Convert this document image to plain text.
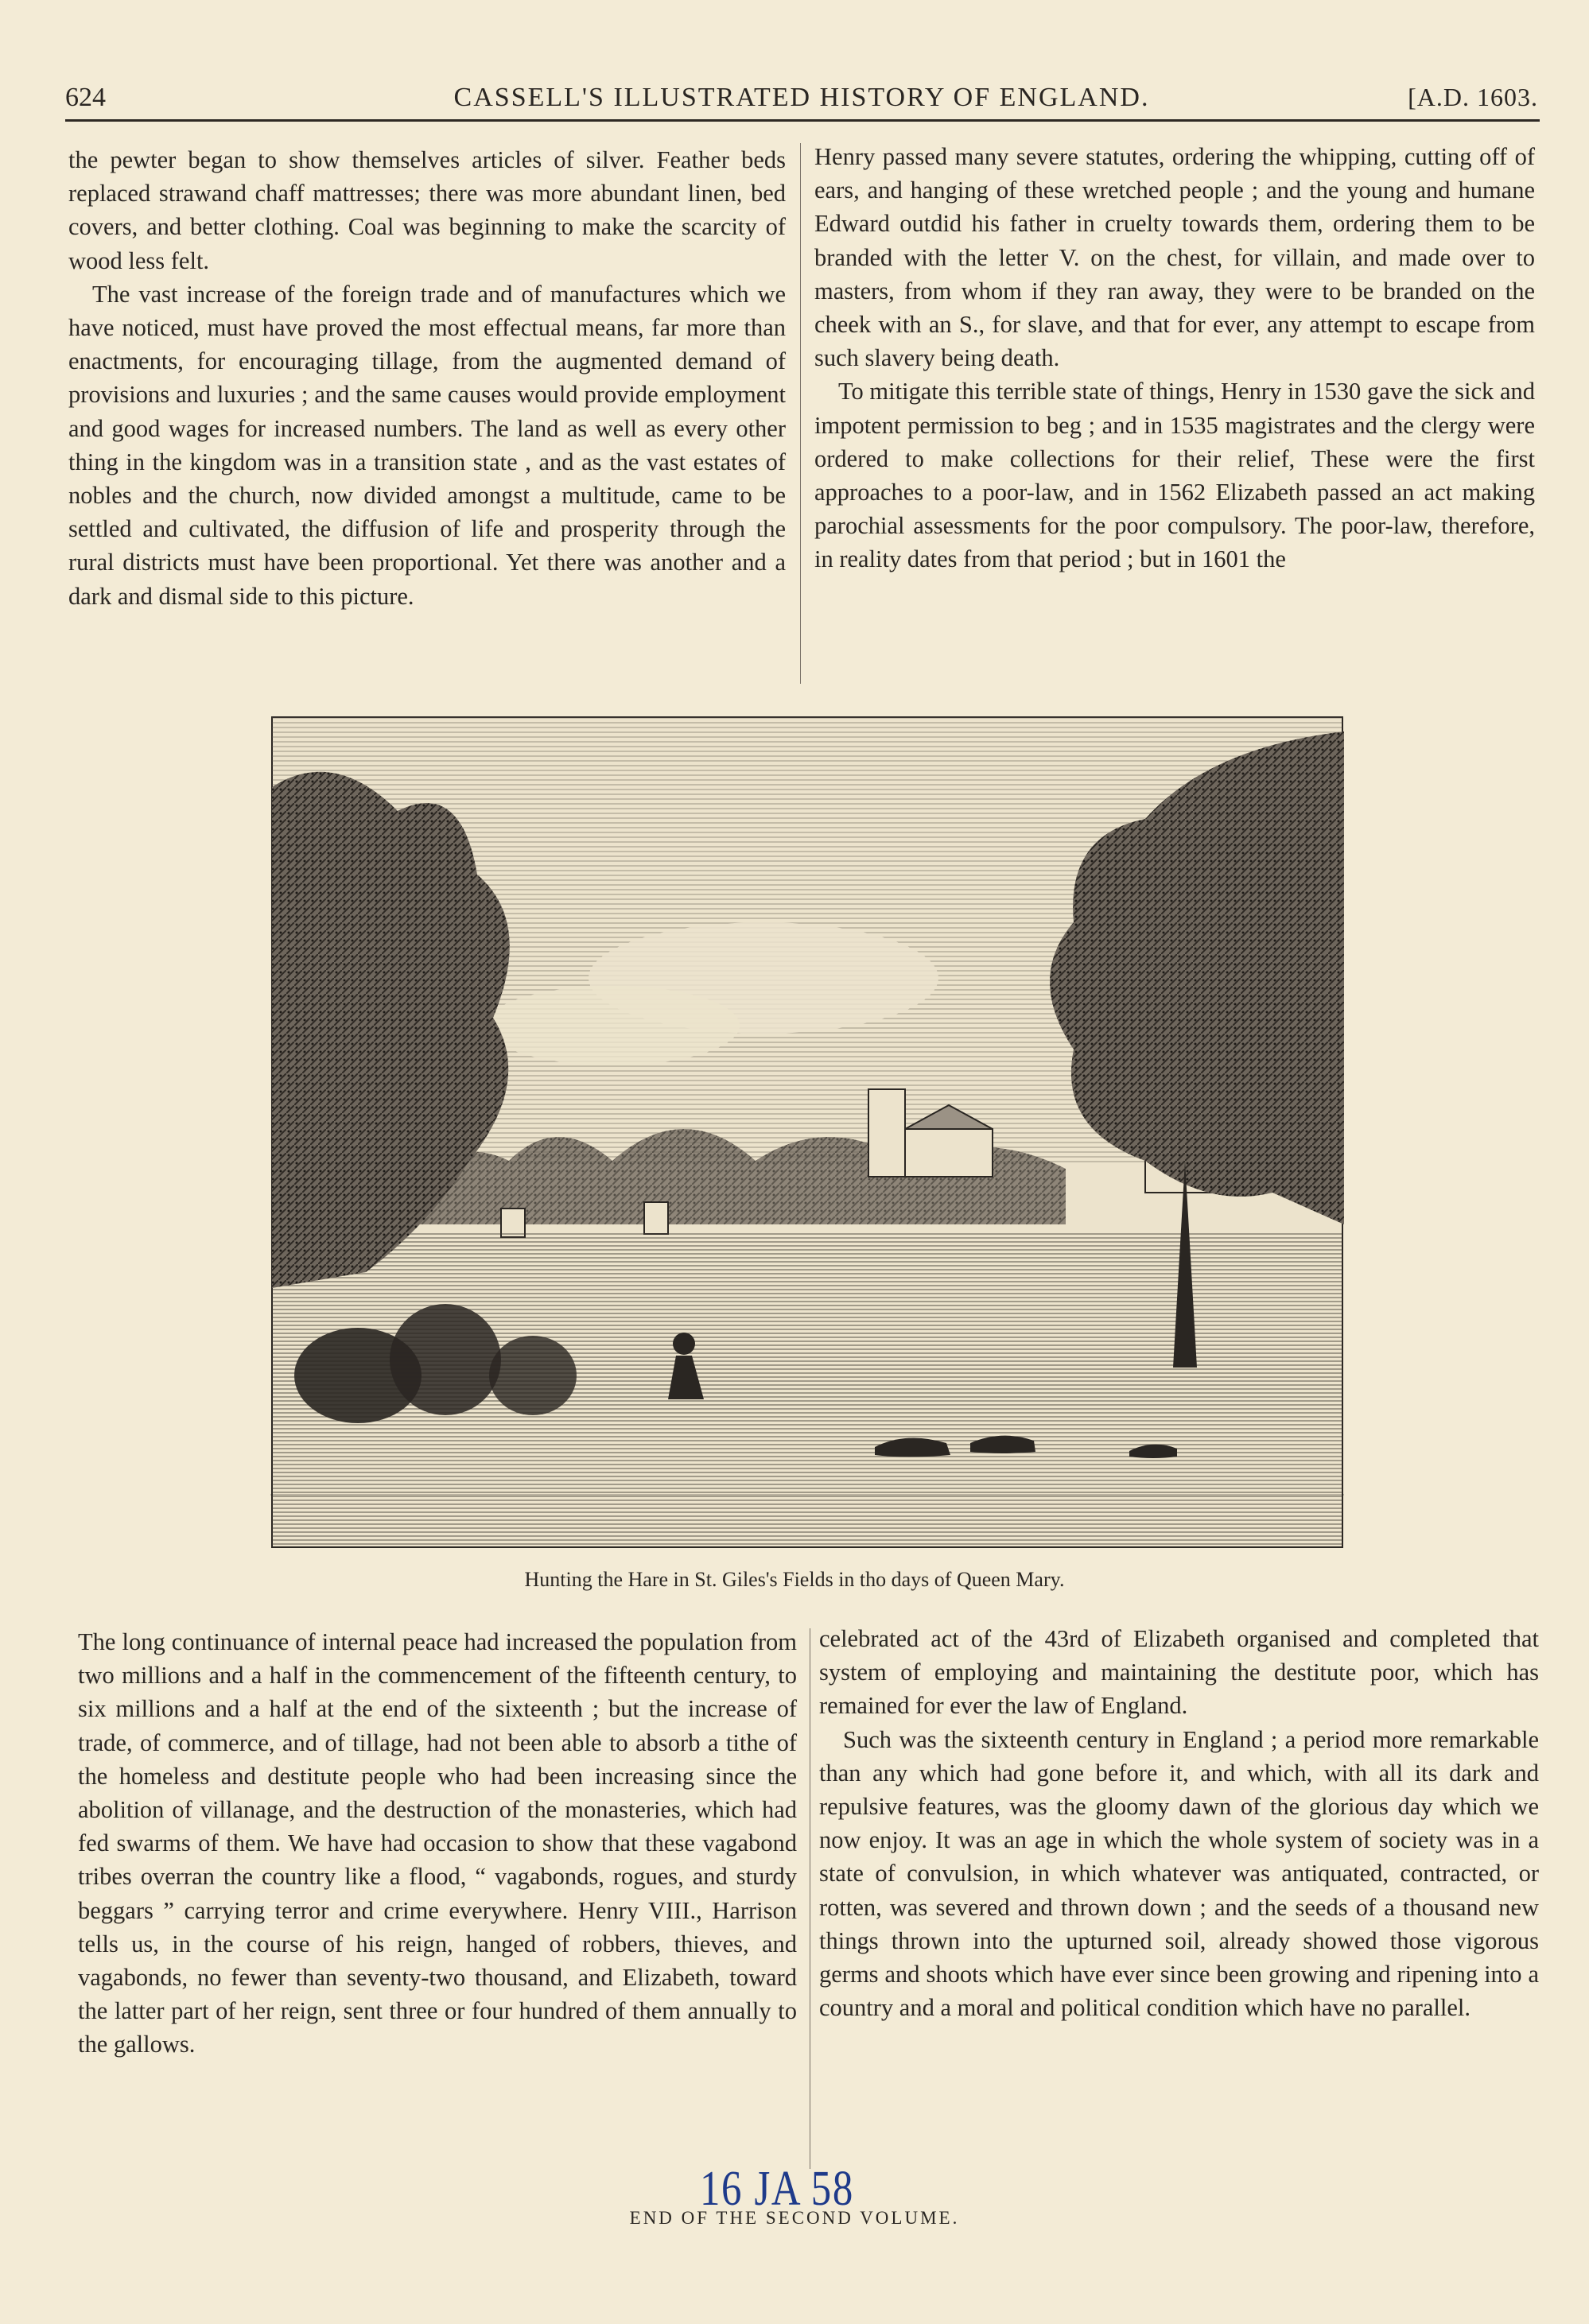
624	CASSELL'S ILLUSTRATED HISTORY OF ENGLAND.	[A.D. 1603.

the pewter began to show themselves articles of silver. Feather beds replaced strawand chaff mattresses; there was more abundant linen, bed covers, and better clothing. Coal was beginning to make the scarcity of wood less felt.

The vast increase of the foreign trade and of manufactures which we have noticed, must have proved the most effectual means, far more than enactments, for encouraging tillage, from the augmented demand of provisions and luxuries ; and the same causes would provide employment and good wages for increased numbers. The land as well as every other thing in the kingdom was in a transition state , and as the vast estates of nobles and the church, now divided amongst a multitude, came to be settled and cultivated, the diffusion of life and prosperity through the rural districts must have been proportional. Yet there was another and a dark and dismal side to this picture.

Henry passed many severe statutes, ordering the whipping, cutting off of ears, and hanging of these wretched people ; and the young and humane Edward outdid his father in cruelty towards them, ordering them to be branded with the letter V. on the chest, for villain, and made over to masters, from whom if they ran away, they were to be branded on the cheek with an S., for slave, and that for ever, any attempt to escape from such slavery being death.

To mitigate this terrible state of things, Henry in 1530 gave the sick and impotent permission to beg ; and in 1535 magistrates and the clergy were ordered to make collections for their relief, These were the first approaches to a poor-law, and in 1562 Elizabeth passed an act making parochial assessments for the poor compulsory. The poor-law, therefore, in reality dates from that period ; but in 1601 the

Hunting the Hare in St. Giles's Fields in tho days of Queen Mary.

The long continuance of internal peace had increased the population from two millions and a half in the commencement of the fifteenth century, to six millions and a half at the end of the sixteenth ; but the increase of trade, of commerce, and of tillage, had not been able to absorb a tithe of the homeless and destitute people who had been increasing since the abolition of villanage, and the destruction of the monasteries, which had fed swarms of them. We have had occasion to show that these vagabond tribes overran the country like a flood, “ vagabonds, rogues, and sturdy beggars ” carrying terror and crime everywhere. Henry VIII., Harrison tells us, in the course of his reign, hanged of robbers, thieves, and vagabonds, no fewer than seventy-two thousand, and Elizabeth, toward the latter part of her reign, sent three or four hundred of them annually to the gallows.

celebrated act of the 43rd of Elizabeth organised and completed that system of employing and maintaining the destitute poor, which has remained for ever the law of England.

Such was the sixteenth century in England ; a period more remarkable than any which had gone before it, and which, with all its dark and repulsive features, was the gloomy dawn of the glorious day which we now enjoy. It was an age in which the whole system of society was in a state of convulsion, in which whatever was antiquated, contracted, or rotten, was severed and thrown down ; and the seeds of a thousand new things thrown into the upturned soil, already showed those vigorous germs and shoots which have ever since been growing and ripening into a country and a moral and political condition which have no parallel.

16 JA 58
END OF THE SECOND VOLUME.
